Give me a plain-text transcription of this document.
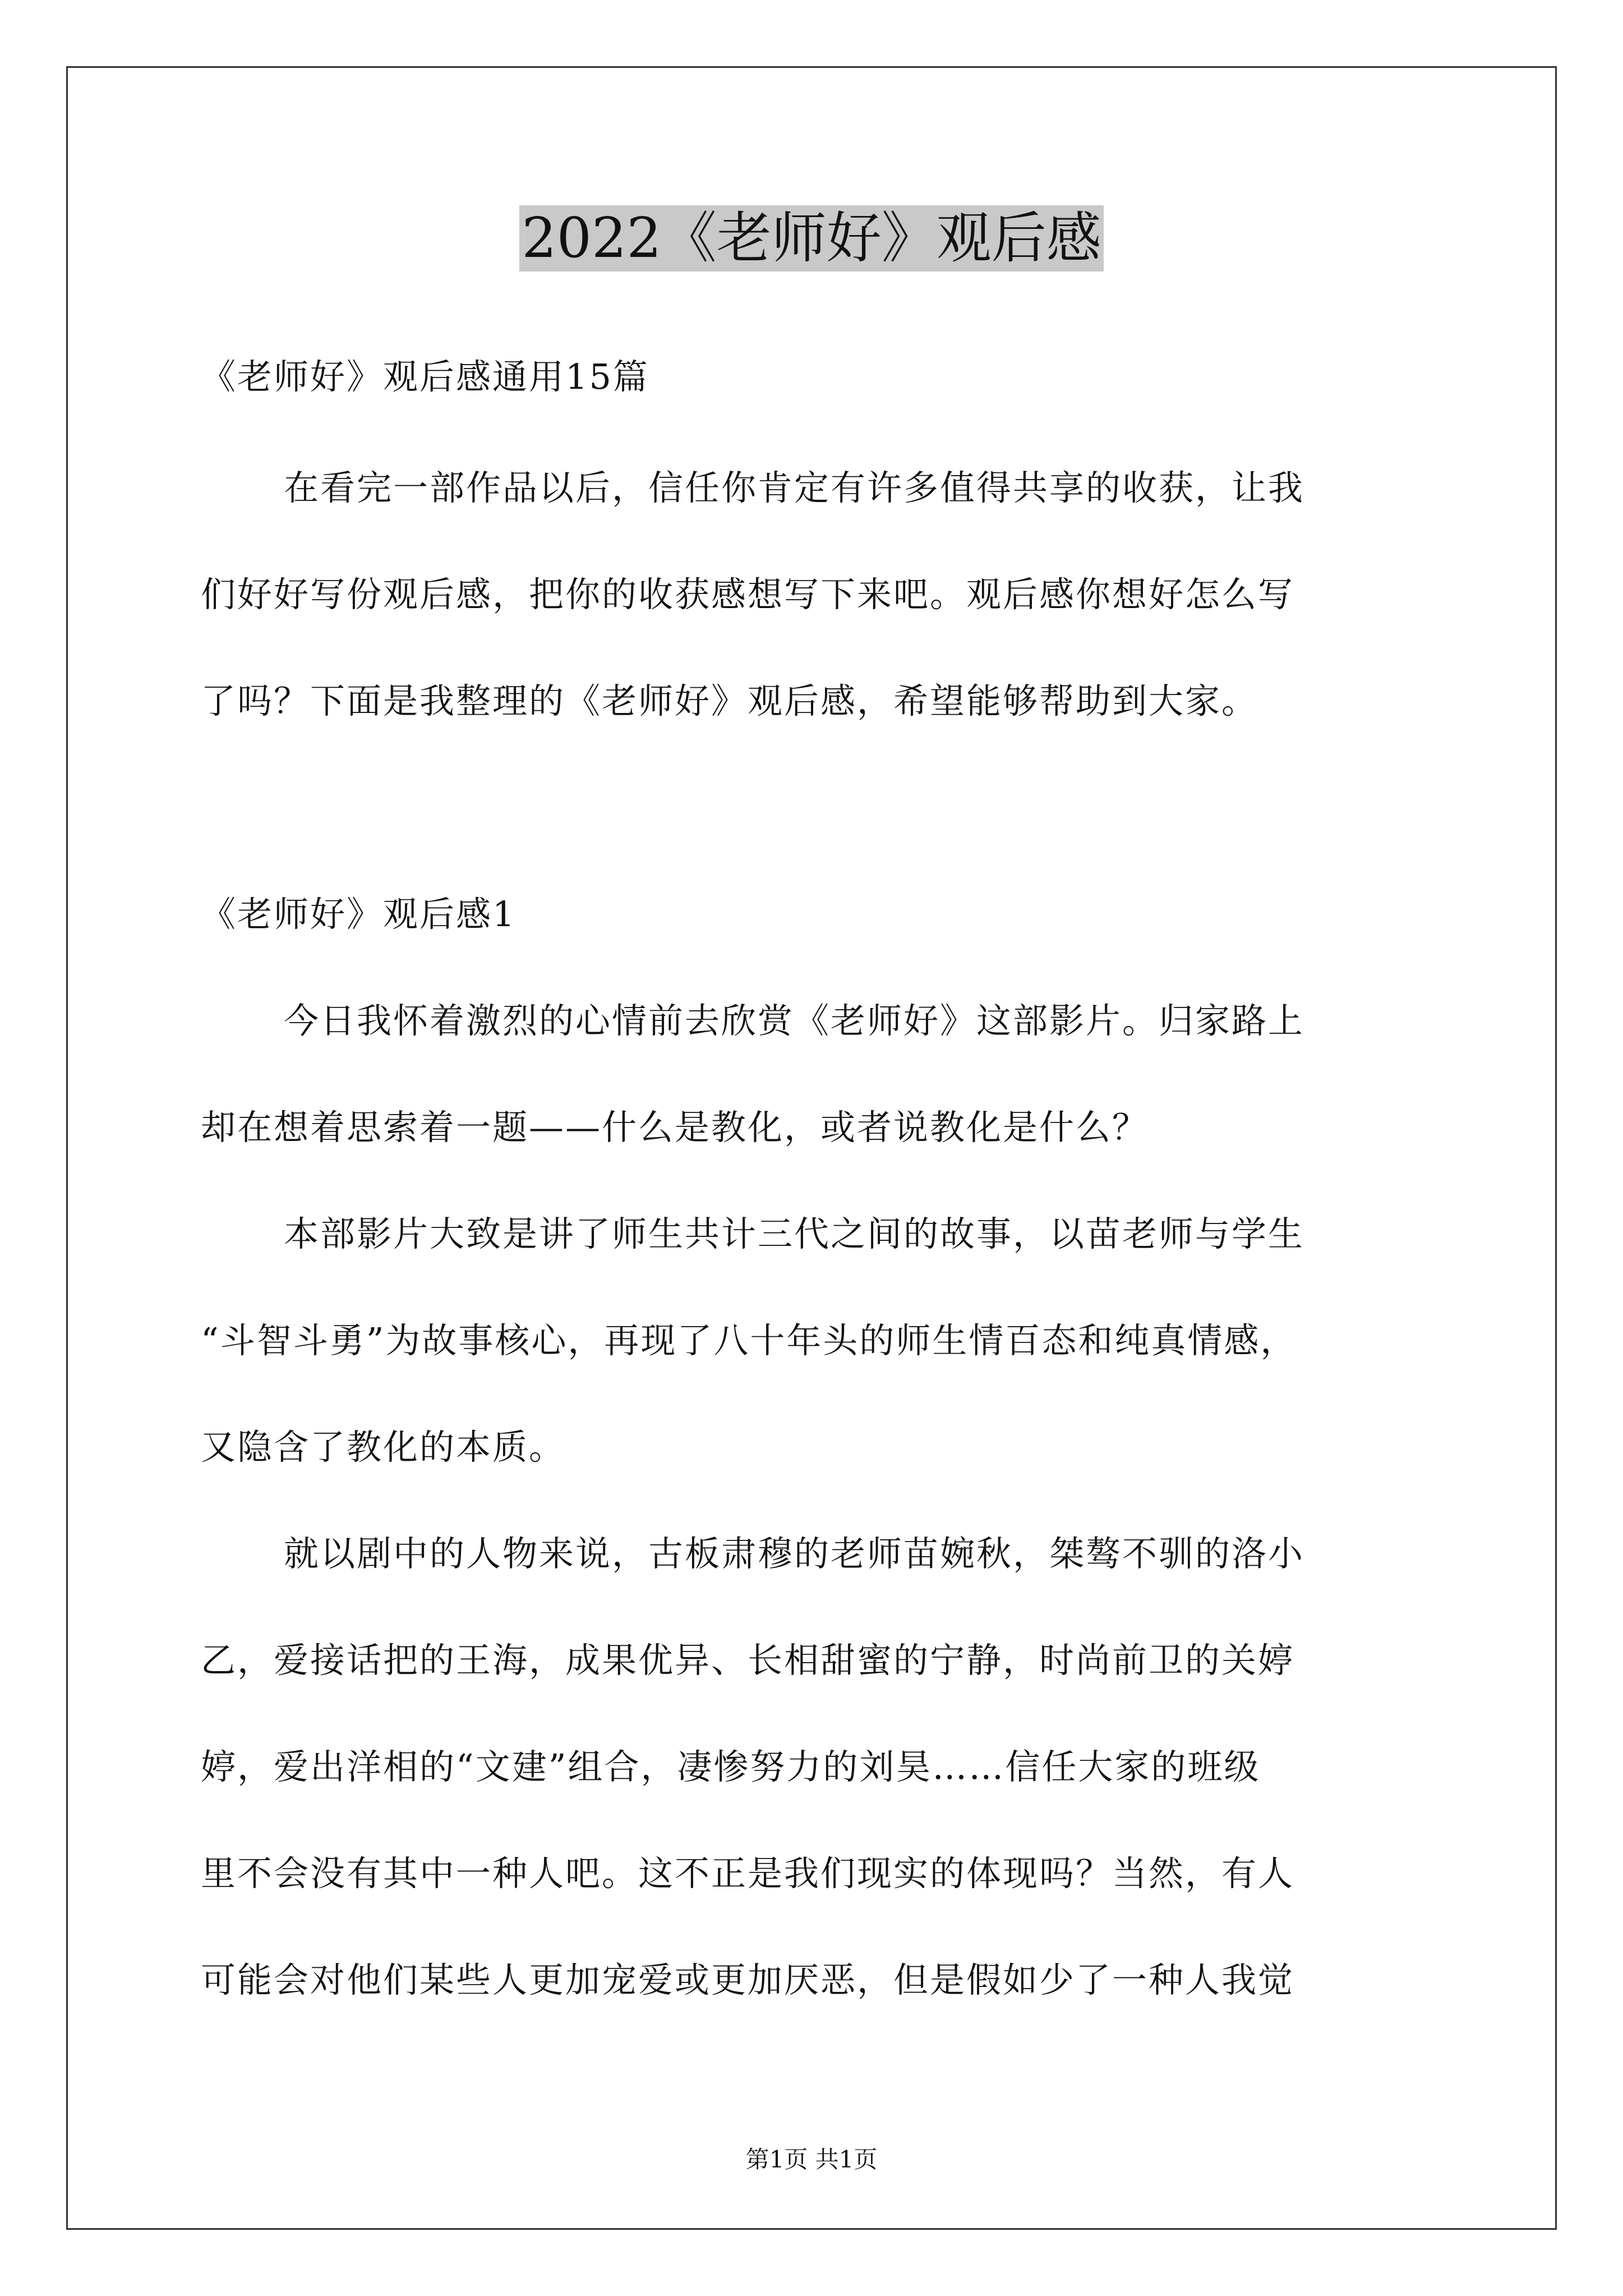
2022《老师好》观后感
《老师好》观后感通用15篇
在看完一部作品以后，信任你肯定有许多值得共享的收获，让我
们好好写份观后感，把你的收获感想写下来吧。观后感你想好怎么写
了吗？下面是我整理的《老师好》观后感，希望能够帮助到大家。
《老师好》观后感1
今日我怀着激烈的心情前去欣赏《老师好》这部影片。归家路上
却在想着思索着一题——什么是教化，或者说教化是什么？
本部影片大致是讲了师生共计三代之间的故事，以苗老师与学生
“斗智斗勇”为故事核心，再现了八十年头的师生情百态和纯真情感，
又隐含了教化的本质。
就以剧中的人物来说，古板肃穆的老师苗婉秋，桀骜不驯的洛小
乙，爱接话把的王海，成果优异、长相甜蜜的宁静，时尚前卫的关婷
婷，爱出洋相的“文建”组合，凄惨努力的刘昊……信任大家的班级
里不会没有其中一种人吧。这不正是我们现实的体现吗？当然，有人
可能会对他们某些人更加宠爱或更加厌恶，但是假如少了一种人我觉
第1页 共1页
